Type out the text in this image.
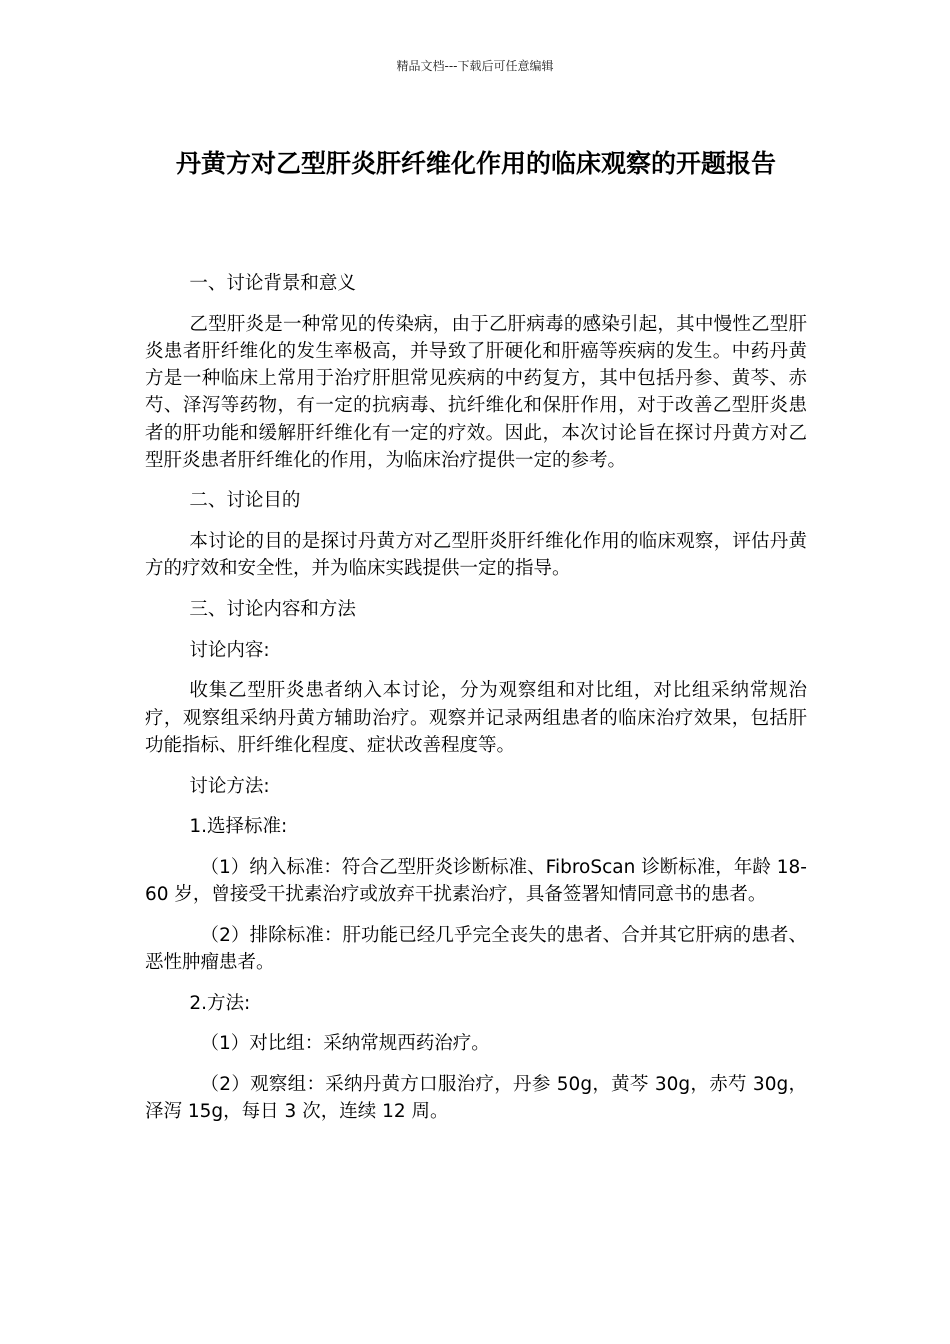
精品文档---下载后可任意编辑
丹黄方对乙型肝炎肝纤维化作用的临床观察的开题报告

一、讨论背景和意义

乙型肝炎是一种常见的传染病，由于乙肝病毒的感染引起，其中慢性乙型肝炎患者肝纤维化的发生率极高，并导致了肝硬化和肝癌等疾病的发生。中药丹黄方是一种临床上常用于治疗肝胆常见疾病的中药复方，其中包括丹参、黄芩、赤芍、泽泻等药物，有一定的抗病毒、抗纤维化和保肝作用，对于改善乙型肝炎患者的肝功能和缓解肝纤维化有一定的疗效。因此，本次讨论旨在探讨丹黄方对乙型肝炎患者肝纤维化的作用，为临床治疗提供一定的参考。

二、讨论目的

本讨论的目的是探讨丹黄方对乙型肝炎肝纤维化作用的临床观察，评估丹黄方的疗效和安全性，并为临床实践提供一定的指导。

三、讨论内容和方法

讨论内容:

收集乙型肝炎患者纳入本讨论，分为观察组和对比组，对比组采纳常规治疗，观察组采纳丹黄方辅助治疗。观察并记录两组患者的临床治疗效果，包括肝功能指标、肝纤维化程度、症状改善程度等。

讨论方法:

1.选择标准:

（1）纳入标准：符合乙型肝炎诊断标准、FibroScan 诊断标准，年龄 18-60 岁，曾接受干扰素治疗或放弃干扰素治疗，具备签署知情同意书的患者。

（2）排除标准：肝功能已经几乎完全丧失的患者、合并其它肝病的患者、恶性肿瘤患者。

2.方法:

（1）对比组：采纳常规西药治疗。

（2）观察组：采纳丹黄方口服治疗，丹参 50g，黄芩 30g，赤芍 30g，泽泻 15g，每日 3 次，连续 12 周。
